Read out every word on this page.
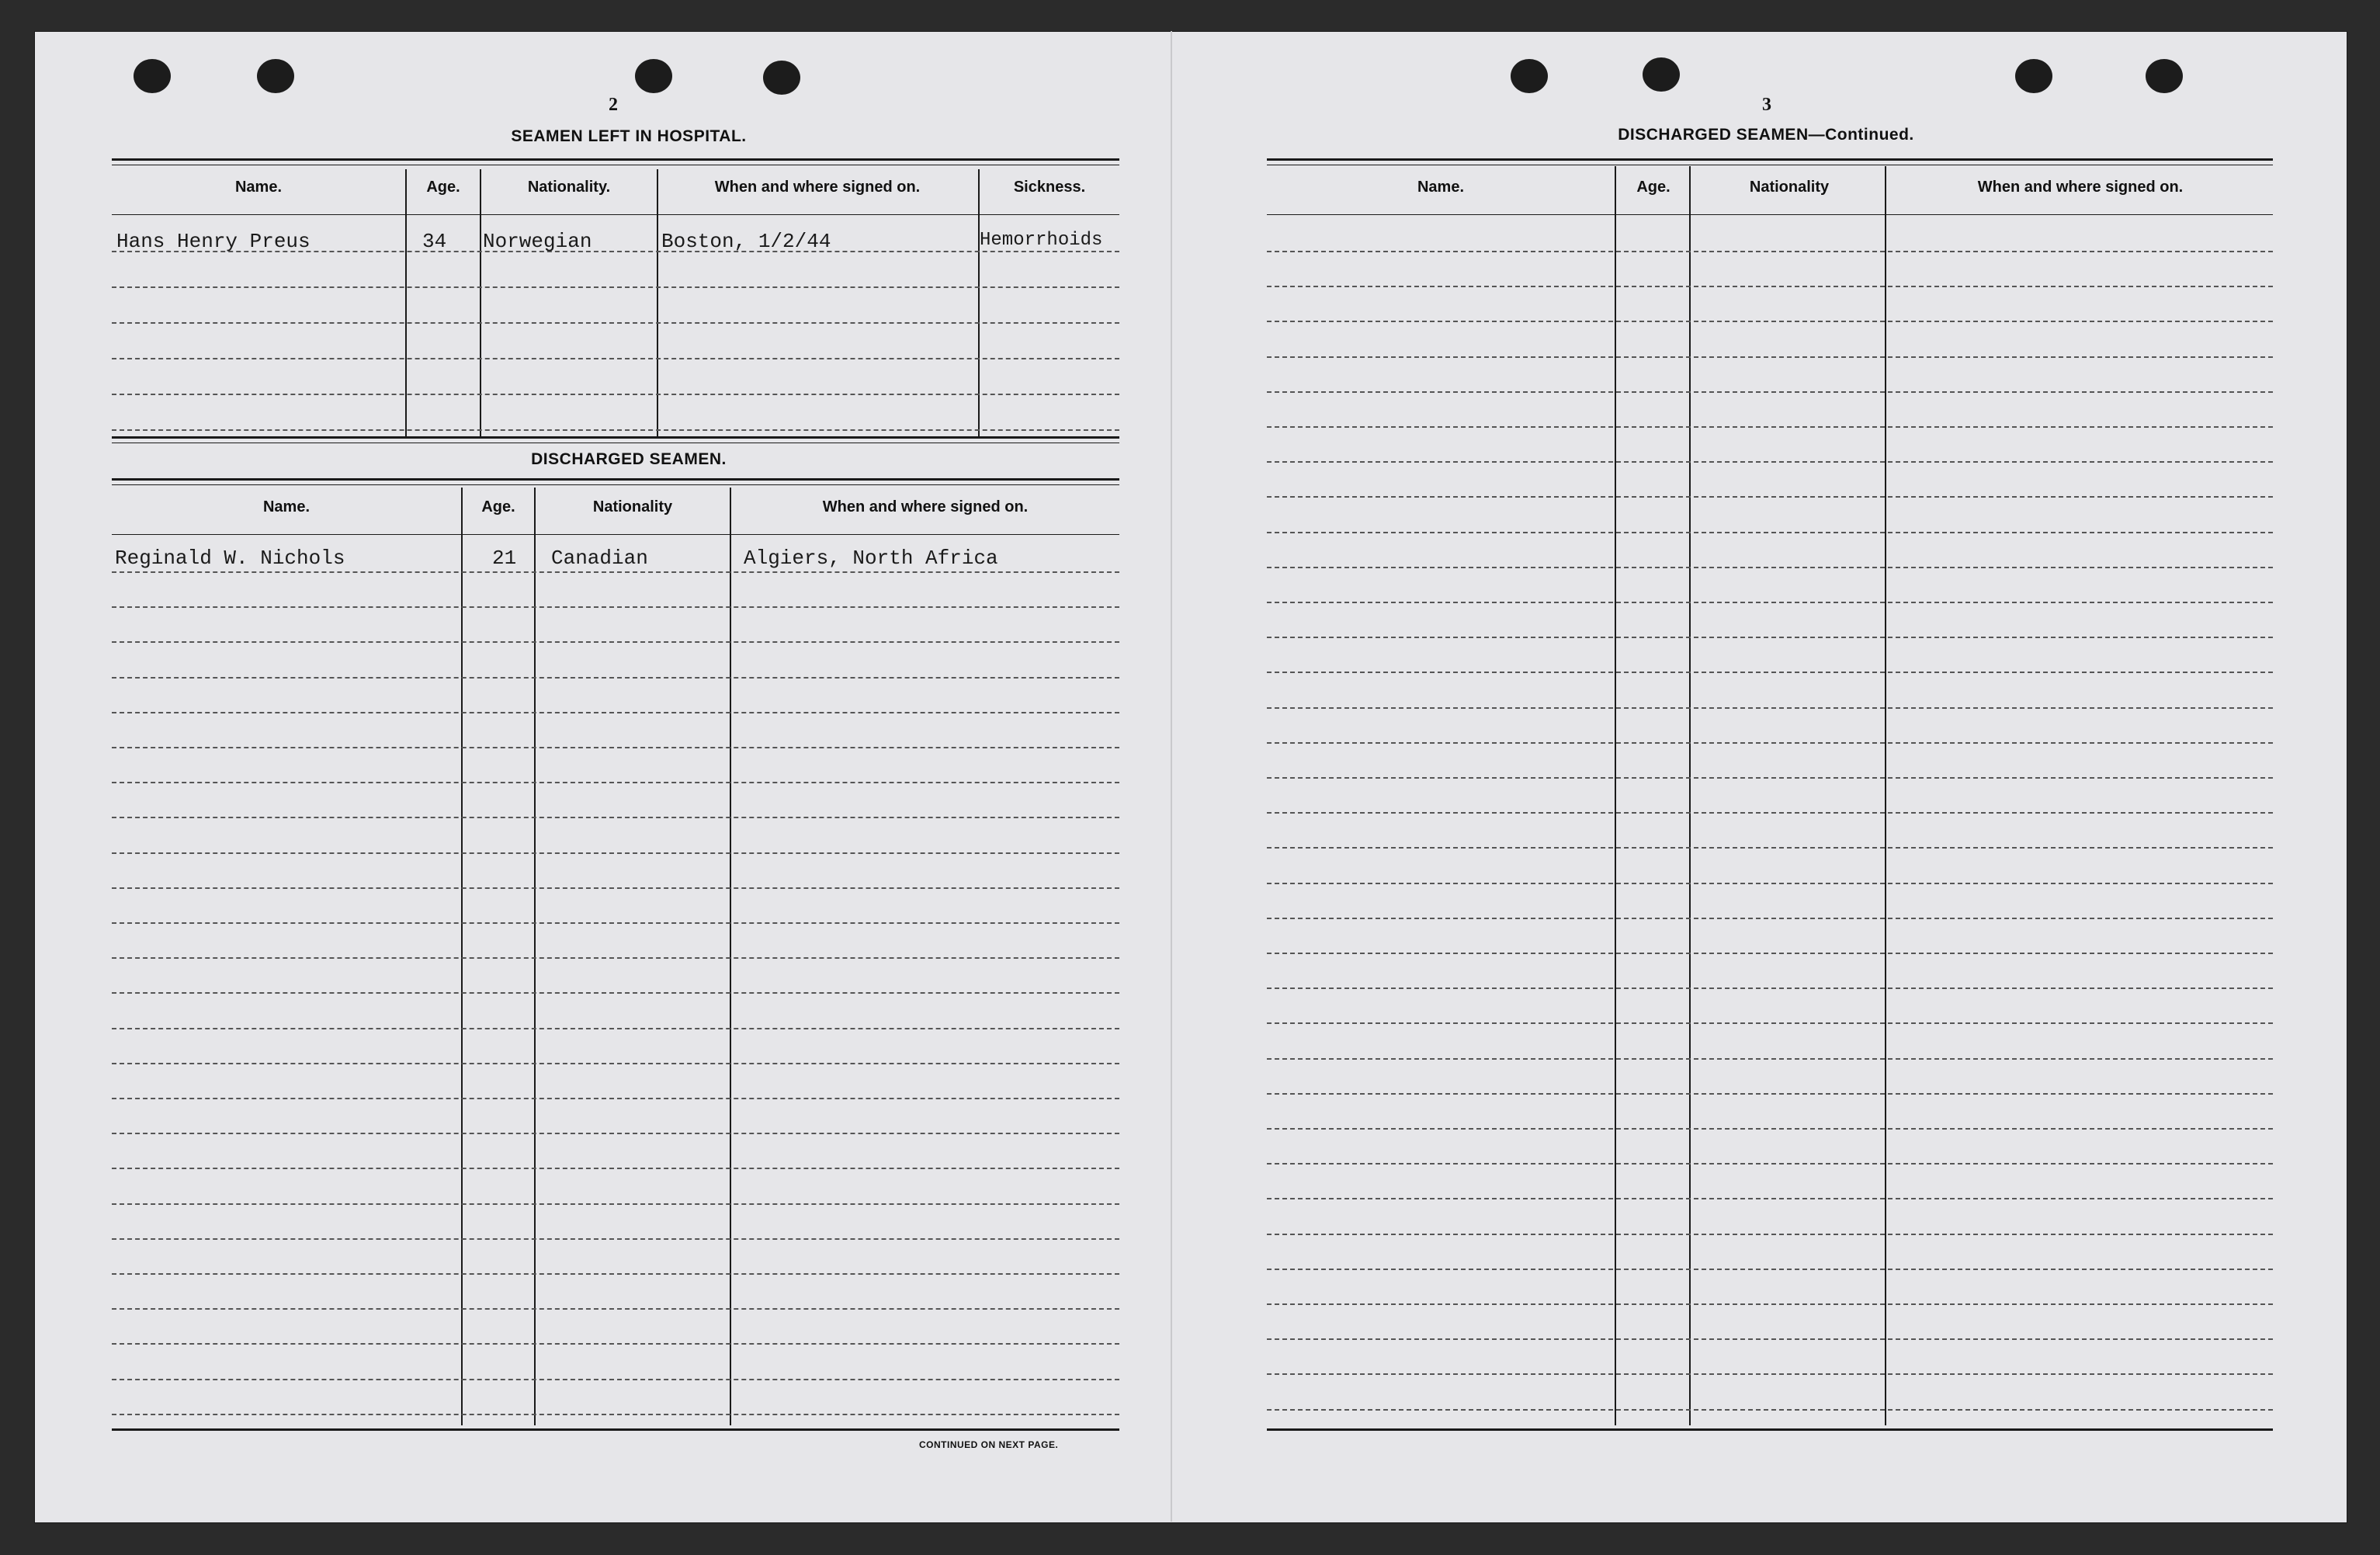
2
SEAMEN LEFT IN HOSPITAL.
Name.	Age.	Nationality.	When and where signed on.	Sickness.
Hans Henry Preus	34 Norwegian	Boston, 1/2/44	Hemorrhoids
DISCHARGED SEAMEN.
Name.	Age.	Nationality	When and where signed on.
Reginald W. Nichols	21 Canadian	Algiers, North Africa
CONTINUED ON NEXT PAGE.
3
DISCHARGED SEAMEN—Continued.
Name.	Age.	Nationality	When and where signed on.
